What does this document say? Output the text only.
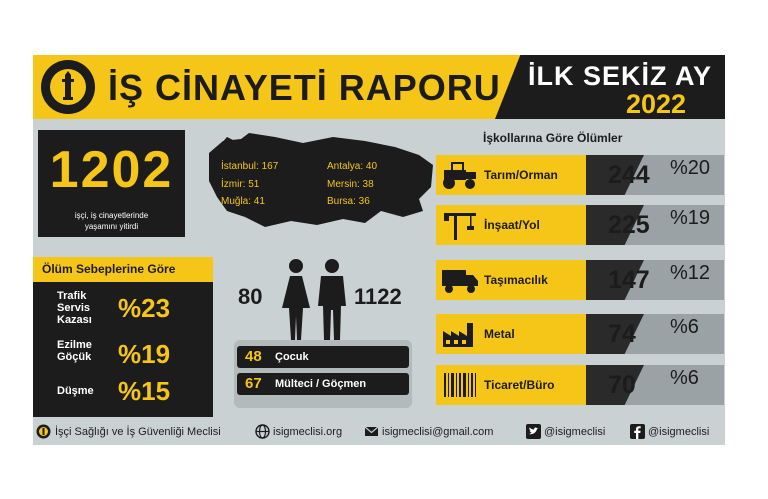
İŞ CİNAYETİ RAPORU İLK SEKİZ AY
2022
1202
işçi, iş cinayetlerinde
yaşamını yitirdi
Ölüm Sebeplerine Göre
Trafik
Servis
Kazası %23
Ezilme
Göçük %19
Düşme %15
İstanbul: 167	Antalya: 40
İzmir: 51	Mersin: 38
Muğla: 41	Bursa: 36
80	1122
48 Çocuk
67 Mülteci / Göçmen
İşkollarına Göre Ölümler
Tarım/Orman 244 %20
İnşaat/Yol	225 %19
Taşımacılık 147 %12
Metal	74 %6
Ticaret/Büro 70 %6
İşçi Sağlığı ve İş Güvenliği Meclisi	isigmeclisi.org	isigmeclisi@gmail.com	@isigmeclisi	@isigmeclisi
